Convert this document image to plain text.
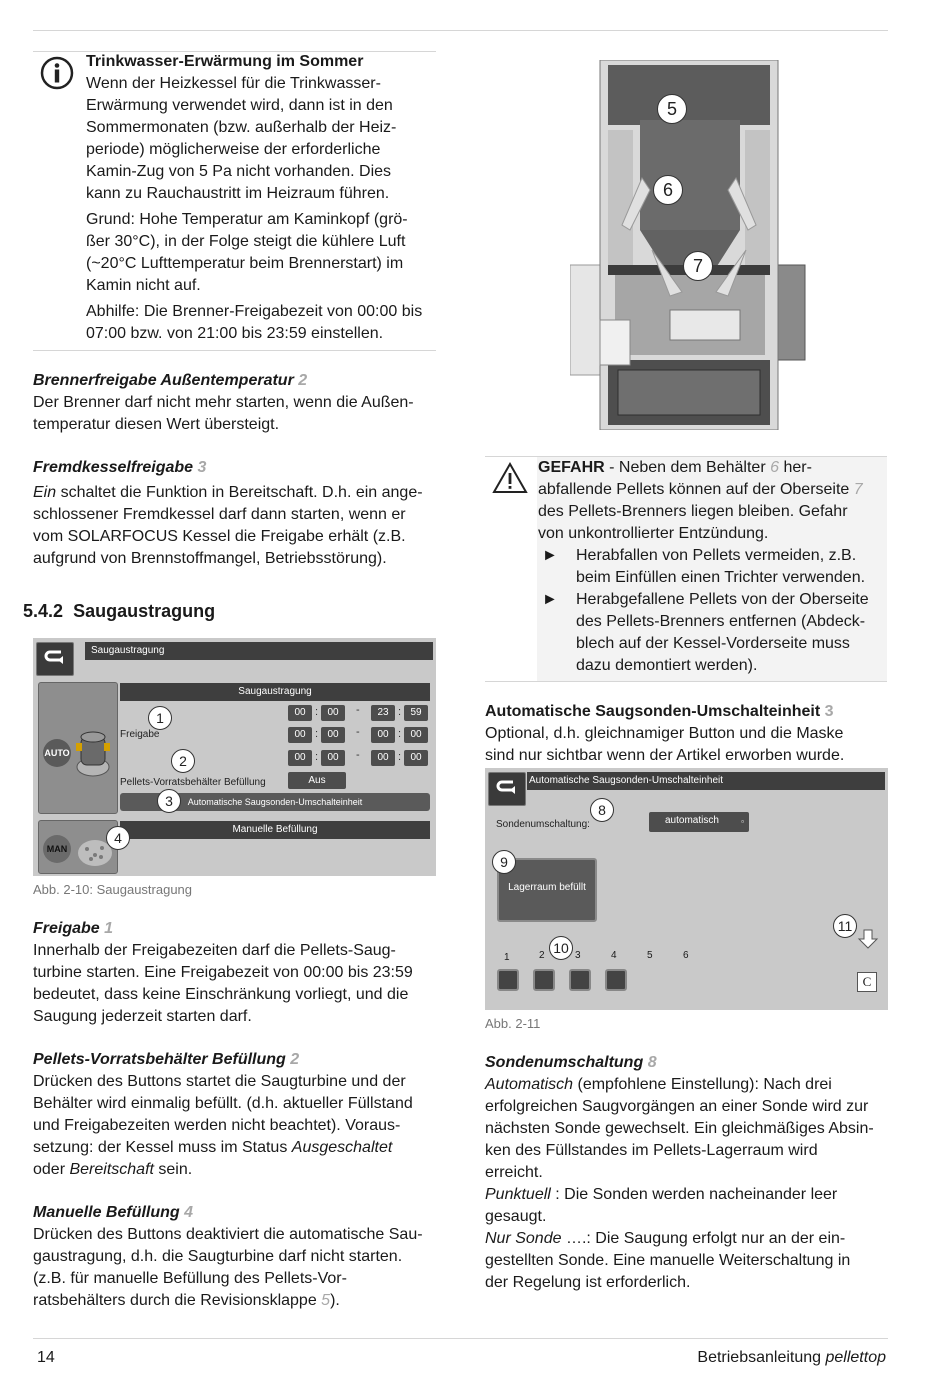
Trinkwasser-Erwärmung im Sommer
Wenn der Heizkessel für die Trinkwasser-
Erwärmung verwendet wird, dann ist in den
Sommermonaten (bzw. außerhalb der Heiz-
periode) möglicherweise der erforderliche
Kamin-Zug von 5 Pa nicht vorhanden. Dies
kann zu Rauchaustritt im Heizraum führen.
Grund: Hohe Temperatur am Kaminkopf (grö-
ßer 30°C), in der Folge steigt die kühlere Luft
(~20°C Lufttemperatur beim Brennerstart) im
Kamin nicht auf.
Abhilfe: Die Brenner-Freigabezeit von 00:00 bis
07:00 bzw. von 21:00 bis 23:59 einstellen.
Brennerfreigabe Außentemperatur 2
Der Brenner darf nicht mehr starten, wenn die Außen-
temperatur diesen Wert übersteigt.
Fremdkesselfreigabe 3
Ein schaltet die Funktion in Bereitschaft. D.h. ein ange-
schlossener Fremdkessel darf dann starten, wenn er
vom SOLARFOCUS Kessel die Freigabe erhält (z.B.
aufgrund von Brennstoffmangel, Betriebsstörung).
5.4.2 Saugaustragung
Saugaustragung
AUTO
Saugaustragung
Freigabe
00 : 00	-	23 : 59
00 : 00	-	00 : 00
00 : 00	-	00 : 00
Pellets-Vorratsbehälter Befüllung	Aus
Automatische Saugsonden-Umschalteinheit
MAN
Manuelle Befüllung
1
2
3
4
Abb. 2-10: Saugaustragung
Freigabe 1
Innerhalb der Freigabezeiten darf die Pellets-Saug-
turbine starten. Eine Freigabezeit von 00:00 bis 23:59
bedeutet, dass keine Einschränkung vorliegt, und die
Saugung jederzeit starten darf.
Pellets-Vorratsbehälter Befüllung 2
Drücken des Buttons startet die Saugturbine und der
Behälter wird einmalig befüllt. (d.h. aktueller Füllstand
und Freigabezeiten werden nicht beachtet). Voraus-
setzung: der Kessel muss im Status Ausgeschaltet
oder Bereitschaft sein.
Manuelle Befüllung 4
Drücken des Buttons deaktiviert die automatische Sau-
gaustragung, d.h. die Saugturbine darf nicht starten.
(z.B. für manuelle Befüllung des Pellets-Vor-
ratsbehälters durch die Revisionsklappe 5).
5
6
7
GEFAHR - Neben dem Behälter 6 her-
abfallende Pellets können auf der Oberseite 7
des Pellets-Brenners liegen bleiben. Gefahr
von unkontrollierter Entzündung.
►	Herabfallen von Pellets vermeiden, z.B.
beim Einfüllen einen Trichter verwenden.
►	Herabgefallene Pellets von der Oberseite
des Pellets-Brenners entfernen (Abdeck-
blech auf der Kessel-Vorderseite muss
dazu demontiert werden).
Automatische Saugsonden-Umschalteinheit 3
Optional, d.h. gleichnamiger Button und die Maske
sind nur sichtbar wenn der Artikel erworben wurde.
Automatische Saugsonden-Umschalteinheit
Sondenumschaltung:	automatisch	▫
Lagerraum befüllt
1	2	3	4	5	6
C
8
9
10
11
Abb. 2-11
Sondenumschaltung 8
Automatisch (empfohlene Einstellung): Nach drei
erfolgreichen Saugvorgängen an einer Sonde wird zur
nächsten Sonde gewechselt. Ein gleichmäßiges Absin-
ken des Füllstandes im Pellets-Lagerraum wird
erreicht.
Punktuell : Die Sonden werden nacheinander leer
gesaugt.
Nur Sonde ….: Die Saugung erfolgt nur an der ein-
gestellten Sonde. Eine manuelle Weiterschaltung in
der Regelung ist erforderlich.
14	Betriebsanleitung pellettop
